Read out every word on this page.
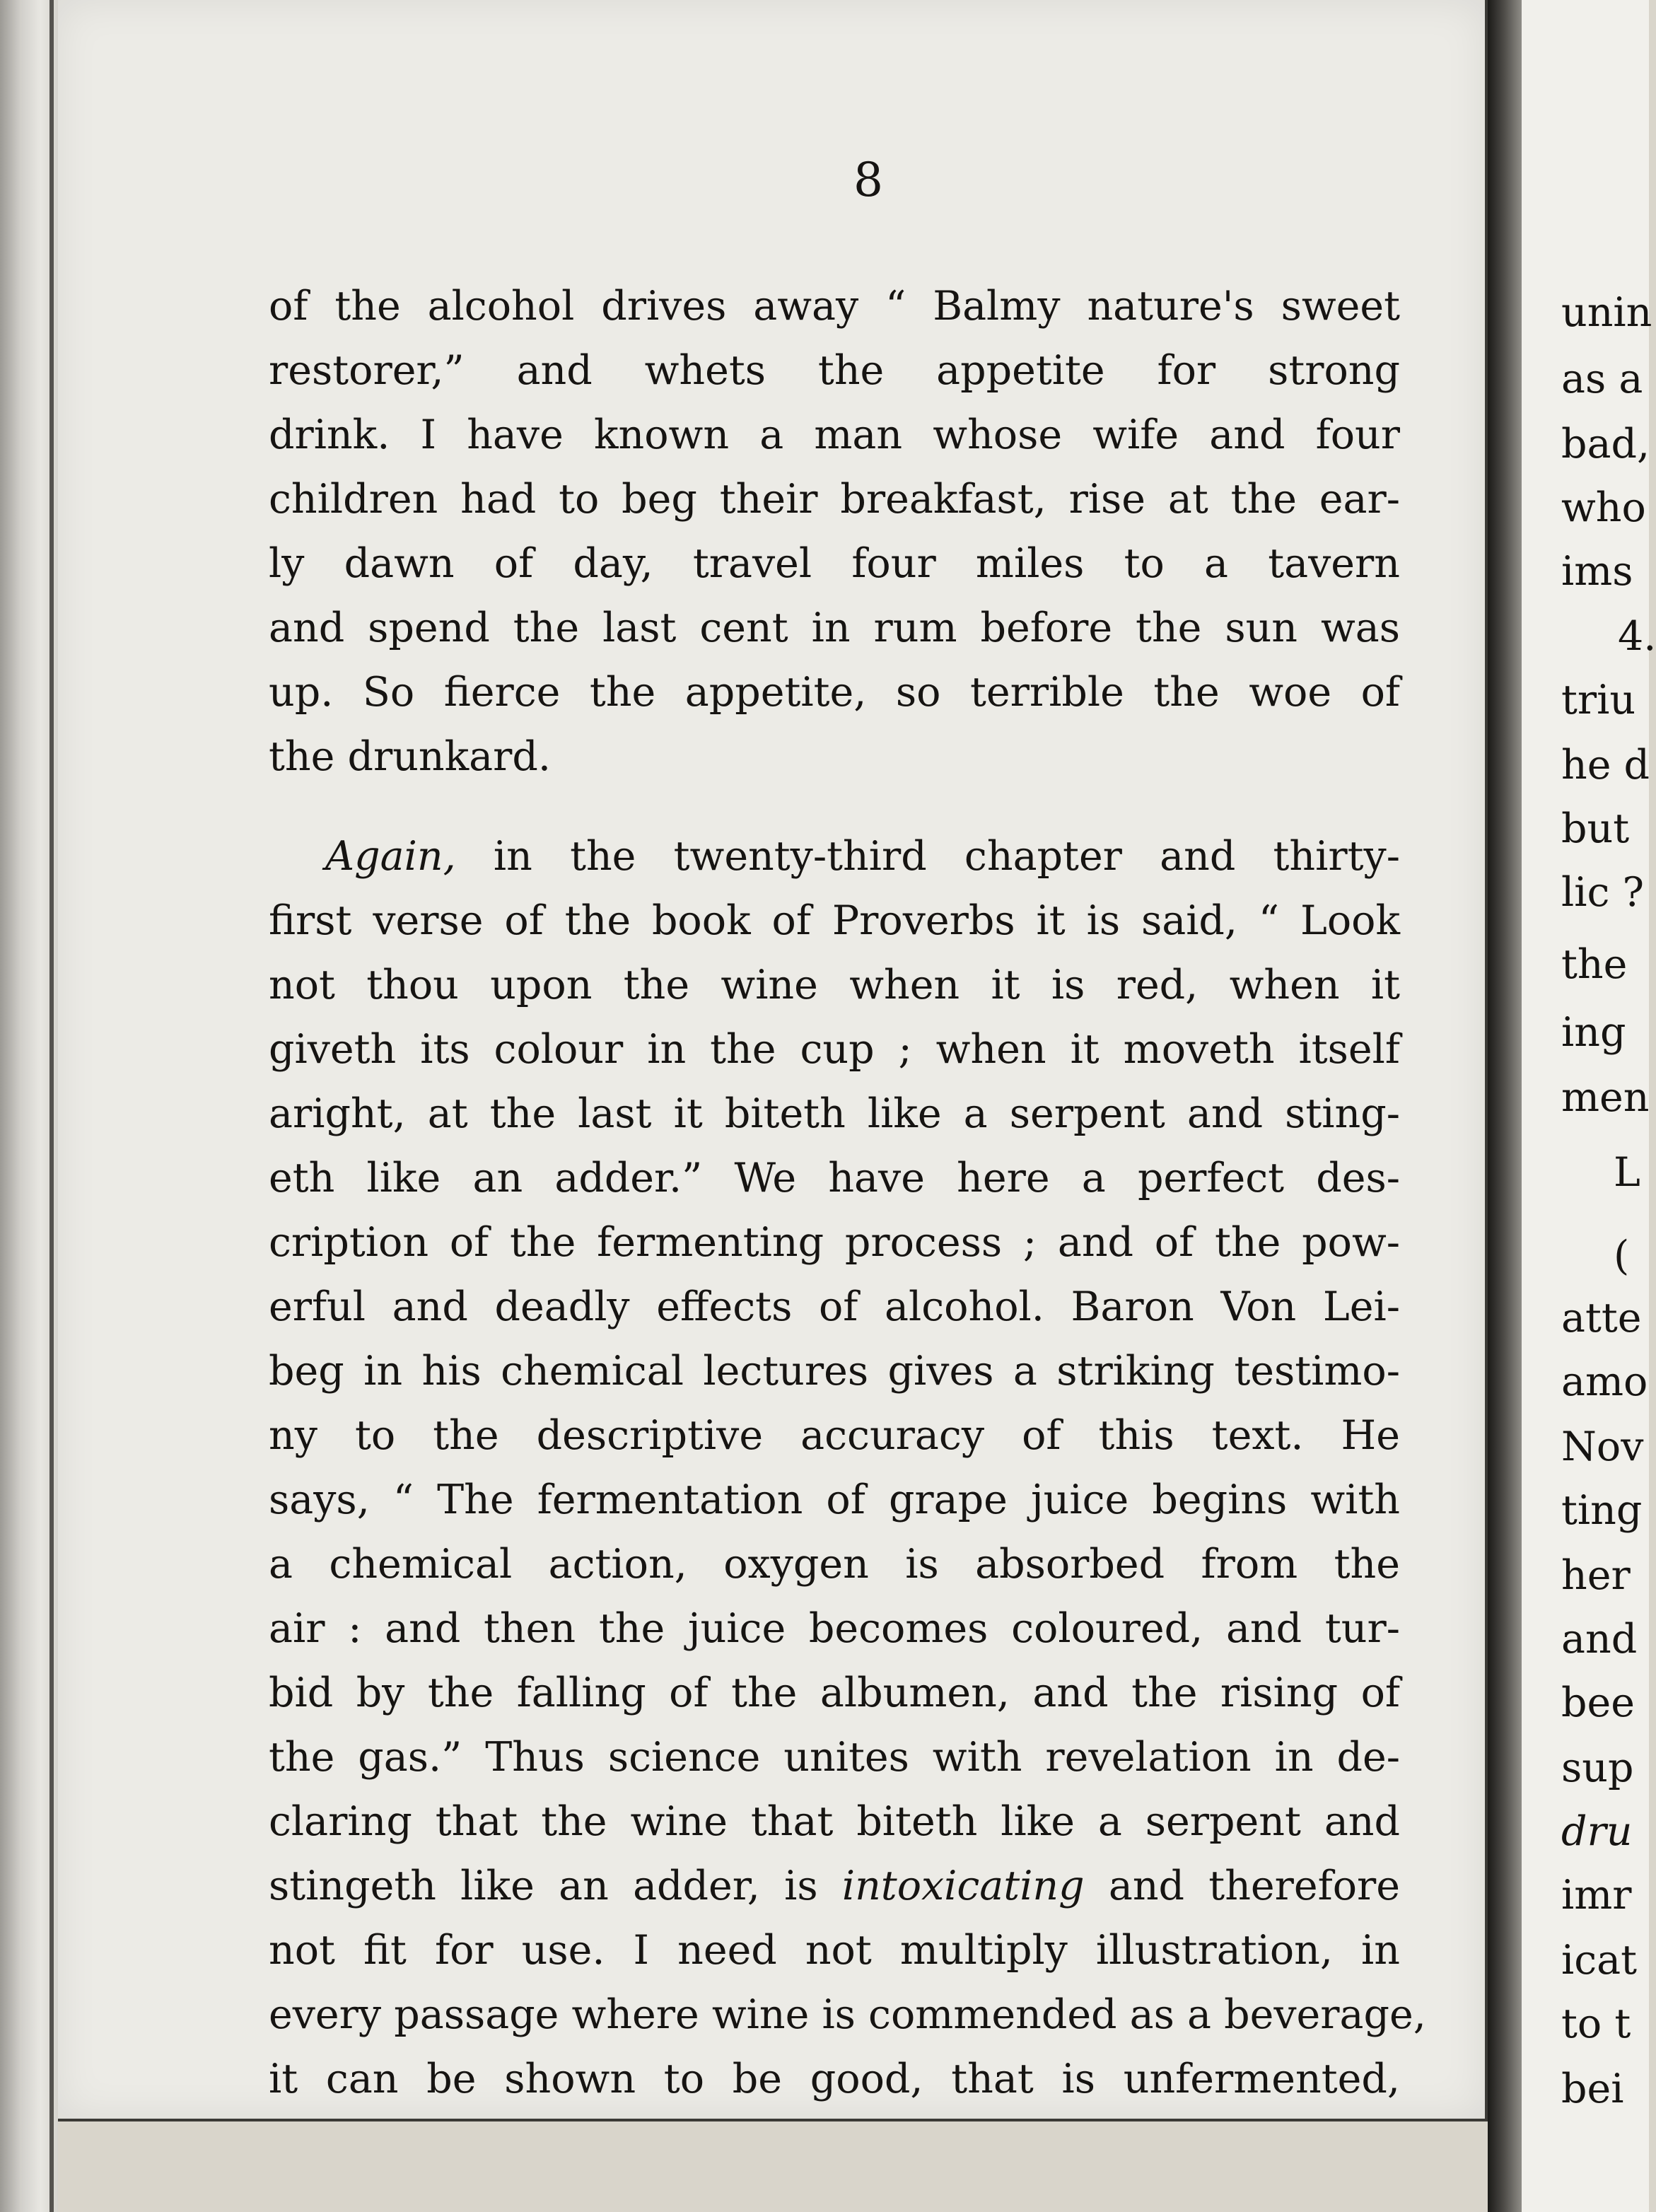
8
of the alcohol drives away “ Balmy nature's sweet
restorer,” and whets the appetite for strong
drink. I have known a man whose wife and four
children had to beg their breakfast, rise at the ear-
ly dawn of day, travel four miles to a tavern
and spend the last cent in rum before the sun was
up. So fierce the appetite, so terrible the woe of
the drunkard.
Again, in the twenty-third chapter and thirty-
first verse of the book of Proverbs it is said, “ Look
not thou upon the wine when it is red, when it
giveth its colour in the cup ; when it moveth itself
aright, at the last it biteth like a serpent and sting-
eth like an adder.” We have here a perfect des-
cription of the fermenting process ; and of the pow-
erful and deadly effects of alcohol. Baron Von Lei-
beg in his chemical lectures gives a striking testimo-
ny to the descriptive accuracy of this text. He
says, “ The fermentation of grape juice begins with
a chemical action, oxygen is absorbed from the
air : and then the juice becomes coloured, and tur-
bid by the falling of the albumen, and the rising of
the gas.” Thus science unites with revelation in de-
claring that the wine that biteth like a serpent and
stingeth like an adder, is intoxicating and therefore
not fit for use. I need not multiply illustration, in
every passage where wine is commended as a beverage,
it can be shown to be good, that is unfermented,
unin
as a
bad,
who
ims
4.
triu
he d
but
lic ?
the
ing
men
L
(
atte
amo
Nov
ting
her
and
bee
sup
dru
imr
icat
to t
bei
